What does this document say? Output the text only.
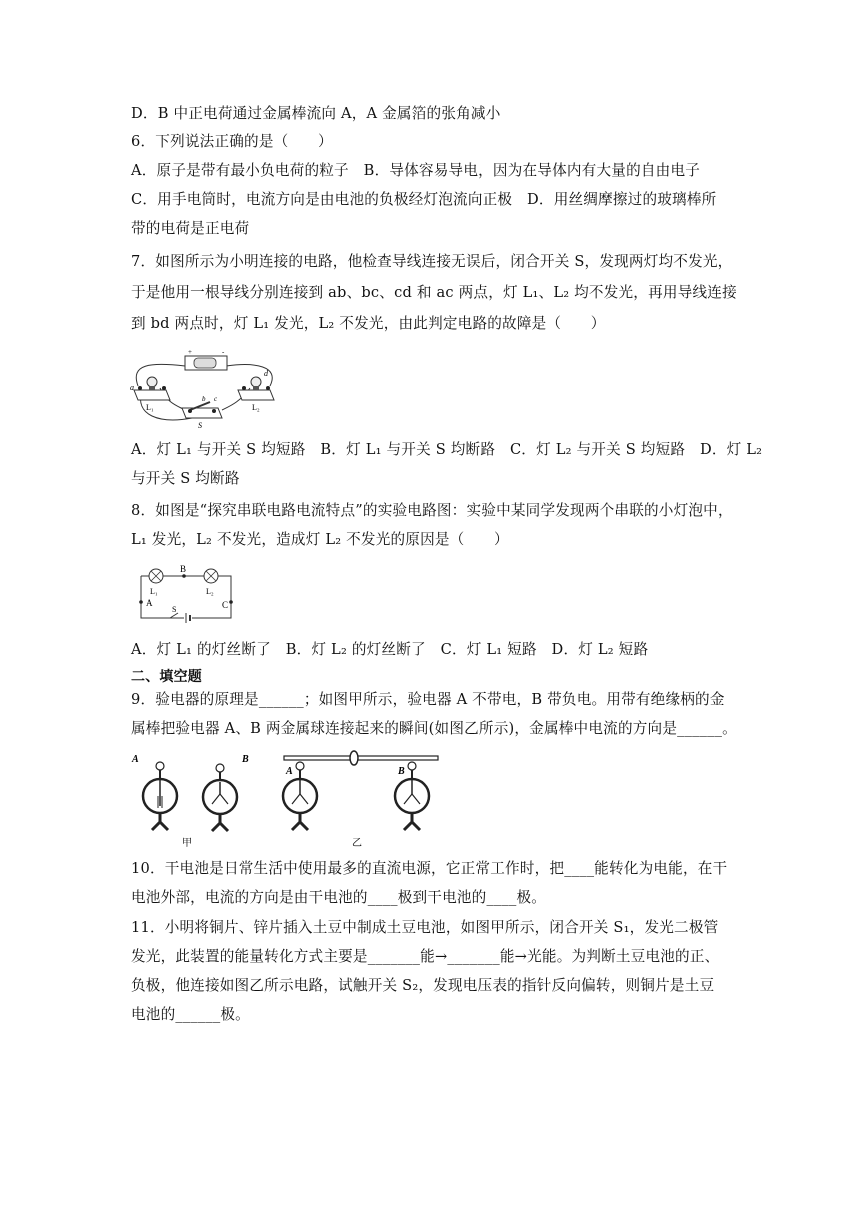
D．B 中正电荷通过金属棒流向 A，A 金属箔的张角减小
6．下列说法正确的是（　　）
A．原子是带有最小负电荷的粒子　B．导体容易导电，因为在导体内有大量的自由电子
C．用手电筒时，电流方向是由电池的负极经灯泡流向正极　D．用丝绸摩擦过的玻璃棒所
带的电荷是正电荷
7．如图所示为小明连接的电路，他检查导线连接无误后，闭合开关 S，发现两灯均不发光，
于是他用一根导线分别连接到 ab、bc、cd 和 ac 两点，灯 L₁、L₂ 均不发光，再用导线连接
到 bd 两点时，灯 L₁ 发光，L₂ 不发光，由此判定电路的故障是（　　）
+	-
a
L₁
d
L₂
b c
S
A．灯 L₁ 与开关 S 均短路　B．灯 L₁ 与开关 S 均断路　C．灯 L₂ 与开关 S 均短路　D．灯 L₂
与开关 S 均断路
8．如图是“探究串联电路电流特点”的实验电路图：实验中某同学发现两个串联的小灯泡中，
L₁ 发光，L₂ 不发光，造成灯 L₂ 不发光的原因是（　　）
B
A	C
L₁	L₂
S
A．灯 L₁ 的灯丝断了　B．灯 L₂ 的灯丝断了　C．灯 L₁ 短路　D．灯 L₂ 短路
二、填空题
9．验电器的原理是______；如图甲所示，验电器 A 不带电，B 带负电。用带有绝缘柄的金
属棒把验电器 A、B 两金属球连接起来的瞬间(如图乙所示)，金属棒中电流的方向是______。
A	B
甲
A	B
乙
10．干电池是日常生活中使用最多的直流电源，它正常工作时，把____能转化为电能，在干
电池外部，电流的方向是由干电池的____极到干电池的____极。
11．小明将铜片、锌片插入土豆中制成土豆电池，如图甲所示，闭合开关 S₁，发光二极管
发光，此装置的能量转化方式主要是_______能→_______能→光能。为判断土豆电池的正、
负极，他连接如图乙所示电路，试触开关 S₂，发现电压表的指针反向偏转，则铜片是土豆
电池的______极。
